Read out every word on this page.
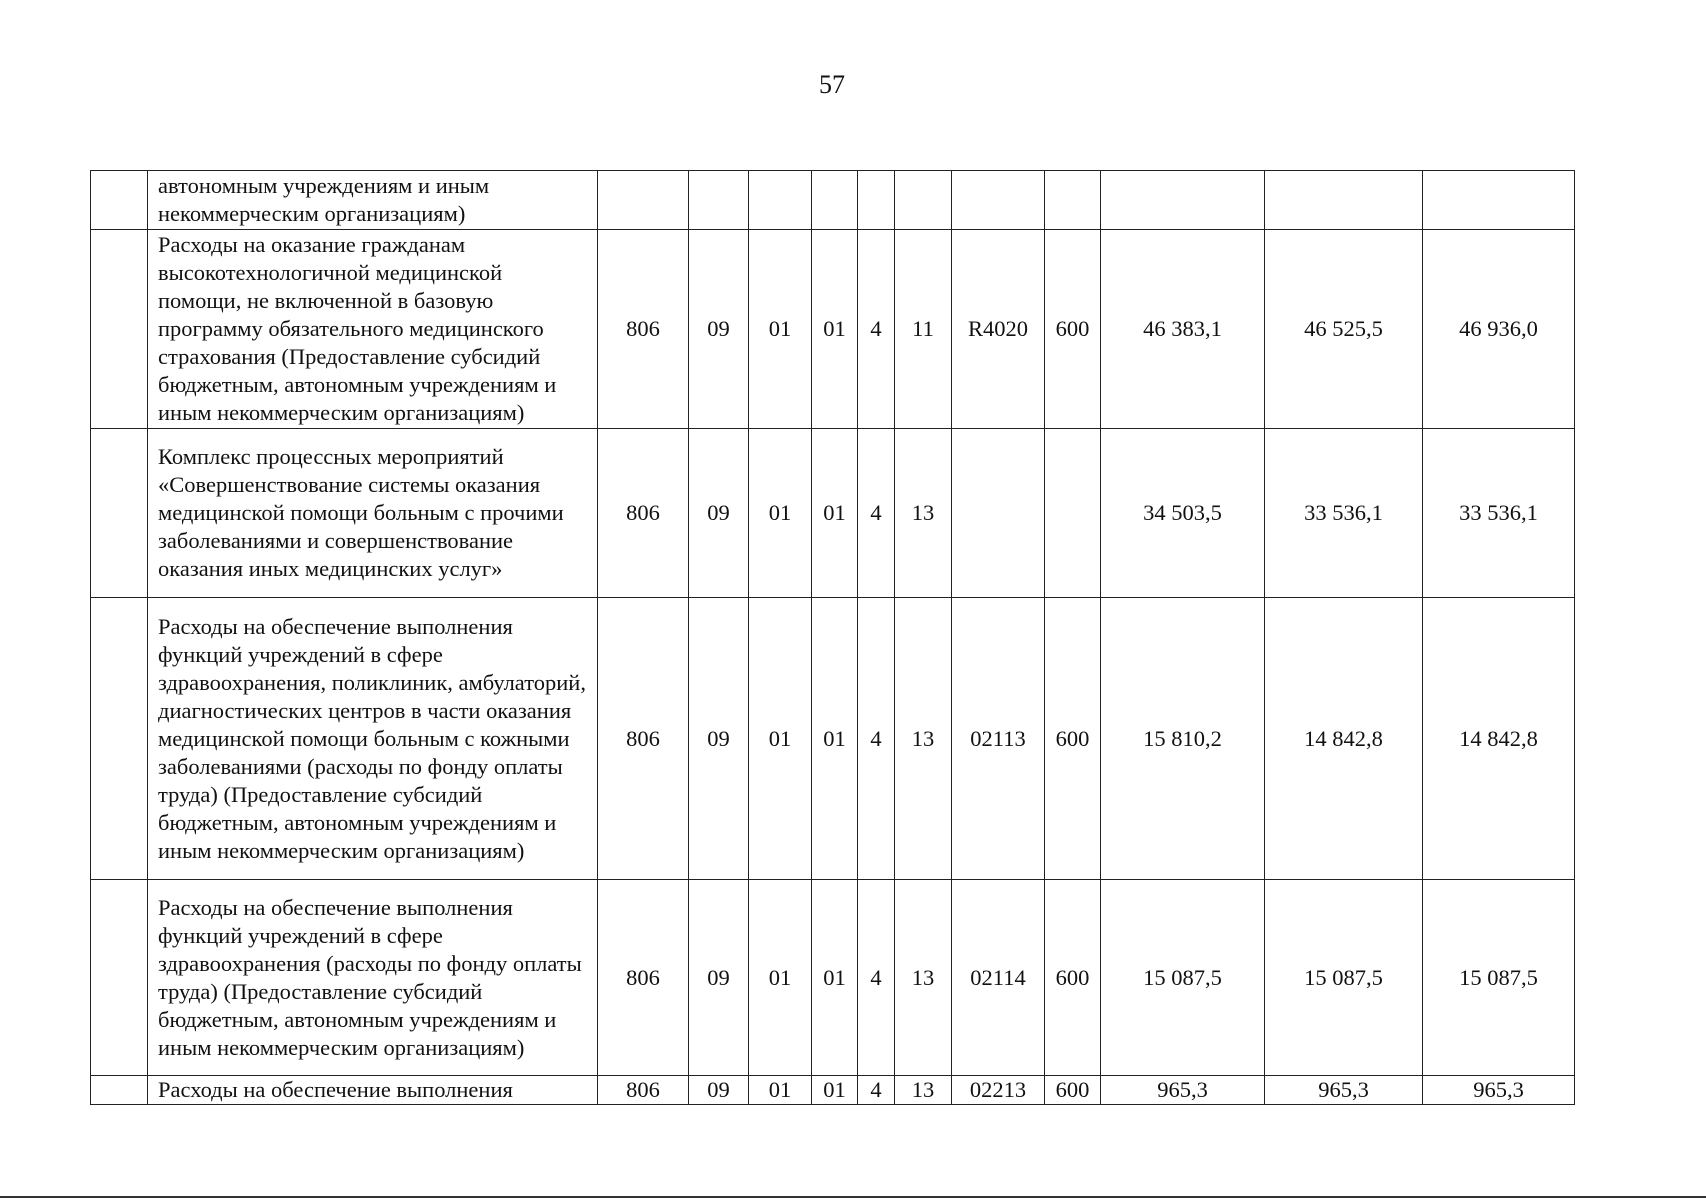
57
	автономным учреждениям и иным некоммерческим организациям)											
	Расходы на оказание гражданам высокотехнологичной медицинской помощи, не включенной в базовую программу обязательного медицинского страхования (Предоставление субсидий бюджетным, автономным учреждениям и иным некоммерческим организациям)	806	09	01	01	4	11	R4020	600	46 383,1	46 525,5	46 936,0
	Комплекс процессных мероприятий «Совершенствование системы оказания медицинской помощи больным с прочими заболеваниями и совершенствование оказания иных медицинских услуг»	806	09	01	01	4	13			34 503,5	33 536,1	33 536,1
	Расходы на обеспечение выполнения функций учреждений в сфере здравоохранения, поликлиник, амбулаторий, диагностических центров в части оказания медицинской помощи больным с кожными заболеваниями (расходы по фонду оплаты труда) (Предоставление субсидий бюджетным, автономным учреждениям и иным некоммерческим организациям)	806	09	01	01	4	13	02113	600	15 810,2	14 842,8	14 842,8
	Расходы на обеспечение выполнения функций учреждений в сфере здравоохранения (расходы по фонду оплаты труда) (Предоставление субсидий бюджетным, автономным учреждениям и иным некоммерческим организациям)	806	09	01	01	4	13	02114	600	15 087,5	15 087,5	15 087,5
	Расходы на обеспечение выполнения	806	09	01	01	4	13	02213	600	965,3	965,3	965,3
